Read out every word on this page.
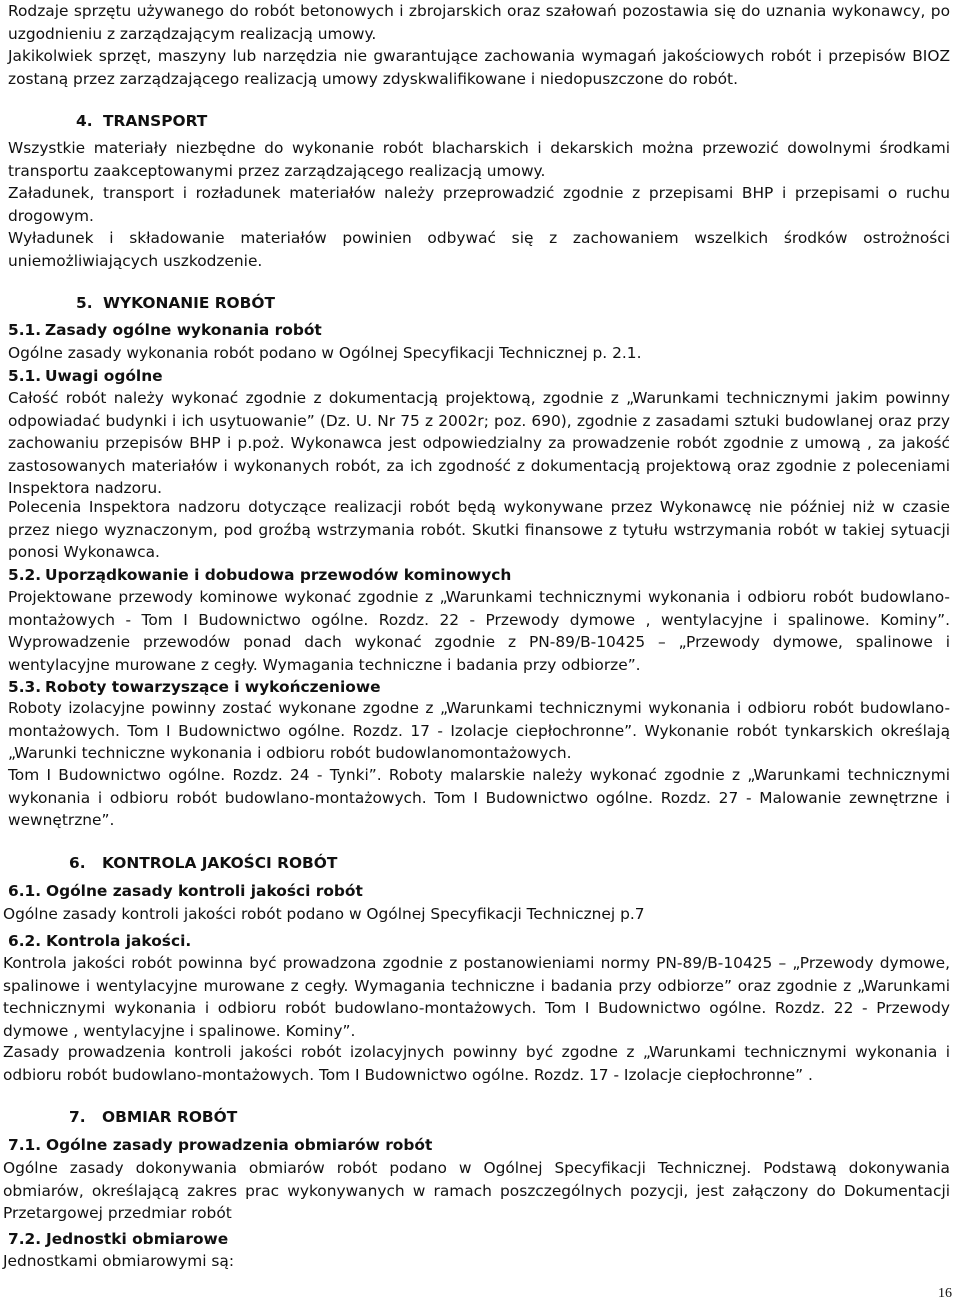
Rodzaje sprzętu używanego do robót betonowych i zbrojarskich oraz szałowań pozostawia się do uznania wykonawcy, po uzgodnieniu z zarządzającym realizacją umowy.

Jakikolwiek sprzęt, maszyny lub narzędzia nie gwarantujące zachowania wymagań jakościowych robót i przepisów BIOZ zostaną przez zarządzającego realizacją umowy zdyskwalifikowane i niedopuszczone do robót.

4. TRANSPORT

Wszystkie materiały niezbędne do wykonanie robót blacharskich i dekarskich można przewozić dowolnymi środkami transportu zaakceptowanymi przez zarządzającego realizacją umowy.

Załadunek, transport i rozładunek materiałów należy przeprowadzić zgodnie z przepisami BHP i przepisami o ruchu drogowym.

Wyładunek i składowanie materiałów powinien odbywać się z zachowaniem wszelkich środków ostrożności uniemożliwiających uszkodzenie.

5. WYKONANIE ROBÓT
5.1. Zasady ogólne wykonania robót

Ogólne zasady wykonania robót podano w Ogólnej Specyfikacji Technicznej p. 2.1.

5.1. Uwagi ogólne

Całość robót należy wykonać zgodnie z dokumentacją projektową, zgodnie z „Warunkami technicznymi jakim powinny odpowiadać budynki i ich usytuowanie” (Dz. U. Nr 75 z 2002r; poz. 690), zgodnie z zasadami sztuki budowlanej oraz przy zachowaniu przepisów BHP i p.poż. Wykonawca jest odpowiedzialny za prowadzenie robót zgodnie z umową , za jakość zastosowanych materiałów i wykonanych robót, za ich zgodność z dokumentacją projektową oraz zgodnie z poleceniami Inspektora nadzoru.

Polecenia Inspektora nadzoru dotyczące realizacji robót będą wykonywane przez Wykonawcę nie później niż w czasie przez niego wyznaczonym, pod groźbą wstrzymania robót. Skutki finansowe z tytułu wstrzymania robót w takiej sytuacji ponosi Wykonawca.

5.2. Uporządkowanie i dobudowa przewodów kominowych

Projektowane przewody kominowe wykonać zgodnie z „Warunkami technicznymi wykonania i odbioru robót budowlano-montażowych - Tom I Budownictwo ogólne. Rozdz. 22 - Przewody dymowe , wentylacyjne i spalinowe. Kominy”. Wyprowadzenie przewodów ponad dach wykonać zgodnie z PN-89/B-10425 – „Przewody dymowe, spalinowe i wentylacyjne murowane z cegły. Wymagania techniczne i badania przy odbiorze”.

5.3. Roboty towarzyszące i wykończeniowe

Roboty izolacyjne powinny zostać wykonane zgodne z „Warunkami technicznymi wykonania i odbioru robót budowlano-montażowych. Tom I Budownictwo ogólne. Rozdz. 17 - Izolacje ciepłochronne”. Wykonanie robót tynkarskich określają „Warunki techniczne wykonania i odbioru robót budowlanomontażowych.

Tom I Budownictwo ogólne. Rozdz. 24 - Tynki”. Roboty malarskie należy wykonać zgodnie z „Warunkami technicznymi wykonania i odbioru robót budowlano-montażowych. Tom I Budownictwo ogólne. Rozdz. 27 - Malowanie zewnętrzne i wewnętrzne”.

6. KONTROLA JAKOŚCI ROBÓT
6.1. Ogólne zasady kontroli jakości robót

Ogólne zasady kontroli jakości robót podano w Ogólnej Specyfikacji Technicznej p.7

6.2. Kontrola jakości.

Kontrola jakości robót powinna być prowadzona zgodnie z postanowieniami normy PN-89/B-10425 – „Przewody dymowe, spalinowe i wentylacyjne murowane z cegły. Wymagania techniczne i badania przy odbiorze” oraz zgodnie z „Warunkami technicznymi wykonania i odbioru robót budowlano-montażowych. Tom I Budownictwo ogólne. Rozdz. 22 - Przewody dymowe , wentylacyjne i spalinowe. Kominy”.

Zasady prowadzenia kontroli jakości robót izolacyjnych powinny być zgodne z „Warunkami technicznymi wykonania i odbioru robót budowlano-montażowych. Tom I Budownictwo ogólne. Rozdz. 17 - Izolacje ciepłochronne” .

7. OBMIAR ROBÓT
7.1. Ogólne zasady prowadzenia obmiarów robót

Ogólne zasady dokonywania obmiarów robót podano w Ogólnej Specyfikacji Technicznej. Podstawą dokonywania obmiarów, określającą zakres prac wykonywanych w ramach poszczególnych pozycji, jest załączony do Dokumentacji Przetargowej przedmiar robót

7.2. Jednostki obmiarowe

Jednostkami obmiarowymi są:

16
